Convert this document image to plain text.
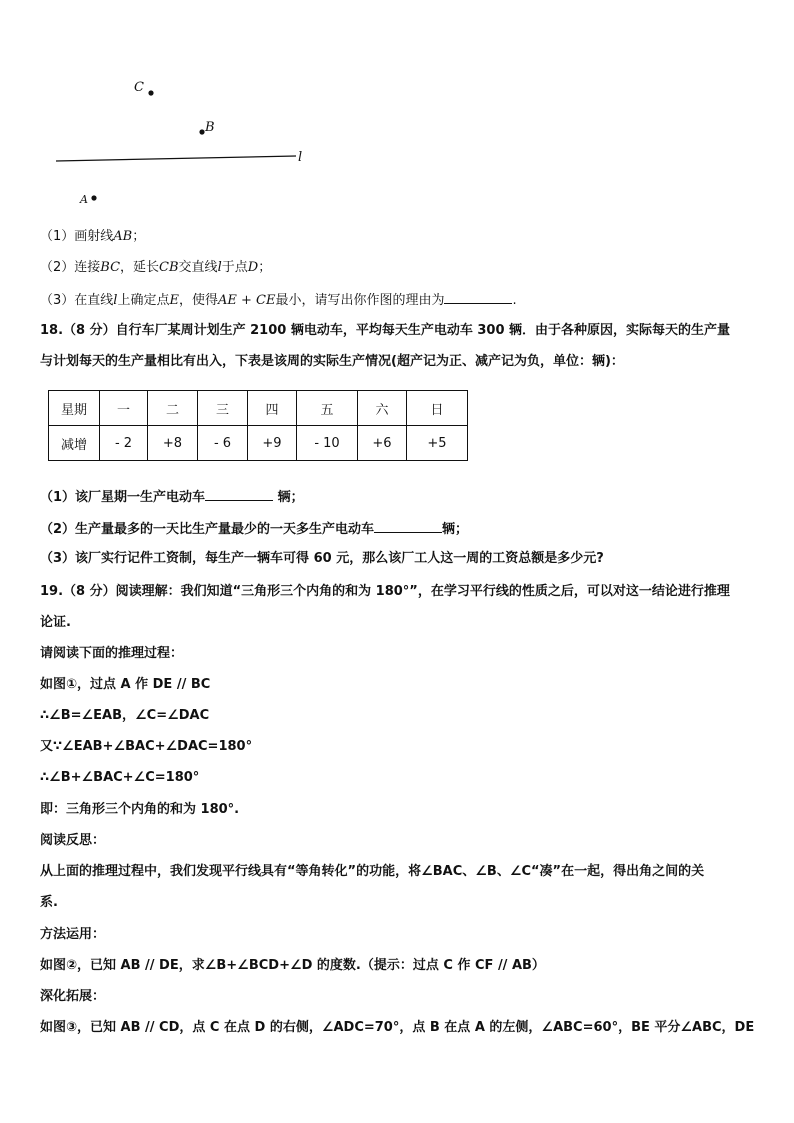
C
B
l
A
（1）画射线AB；
（2）连接BC，延长CB交直线l于点D；
（3）在直线l上确定点E，使得AE + CE最小，请写出你作图的理由为	.
18.（8 分）自行车厂某周计划生产 2100 辆电动车，平均每天生产电动车 300 辆．由于各种原因，实际每天的生产量
与计划每天的生产量相比有出入，下表是该周的实际生产情况(超产记为正、减产记为负，单位：辆)：
星期	一	二	三	四	五	六	日
减增	- 2	+8	- 6	+9	- 10	+6	+5
（1）该厂星期一生产电动车	辆；
（2）生产量最多的一天比生产量最少的一天多生产电动车	辆；
（3）该厂实行记件工资制，每生产一辆车可得 60 元，那么该厂工人这一周的工资总额是多少元?
19.（8 分）阅读理解：我们知道“三角形三个内角的和为 180°”，在学习平行线的性质之后，可以对这一结论进行推理
论证.
请阅读下面的推理过程：
如图①，过点 A 作 DE // BC
∴∠B=∠EAB，∠C=∠DAC
又∵∠EAB+∠BAC+∠DAC=180°
∴∠B+∠BAC+∠C=180°
即：三角形三个内角的和为 180°.
阅读反思：
从上面的推理过程中，我们发现平行线具有“等角转化”的功能，将∠BAC、∠B、∠C“凑”在一起，得出角之间的关
系.
方法运用：
如图②，已知 AB // DE，求∠B+∠BCD+∠D 的度数.（提示：过点 C 作 CF // AB）
深化拓展：
如图③，已知 AB // CD，点 C 在点 D 的右侧，∠ADC=70°，点 B 在点 A 的左侧，∠ABC=60°，BE 平分∠ABC，DE
